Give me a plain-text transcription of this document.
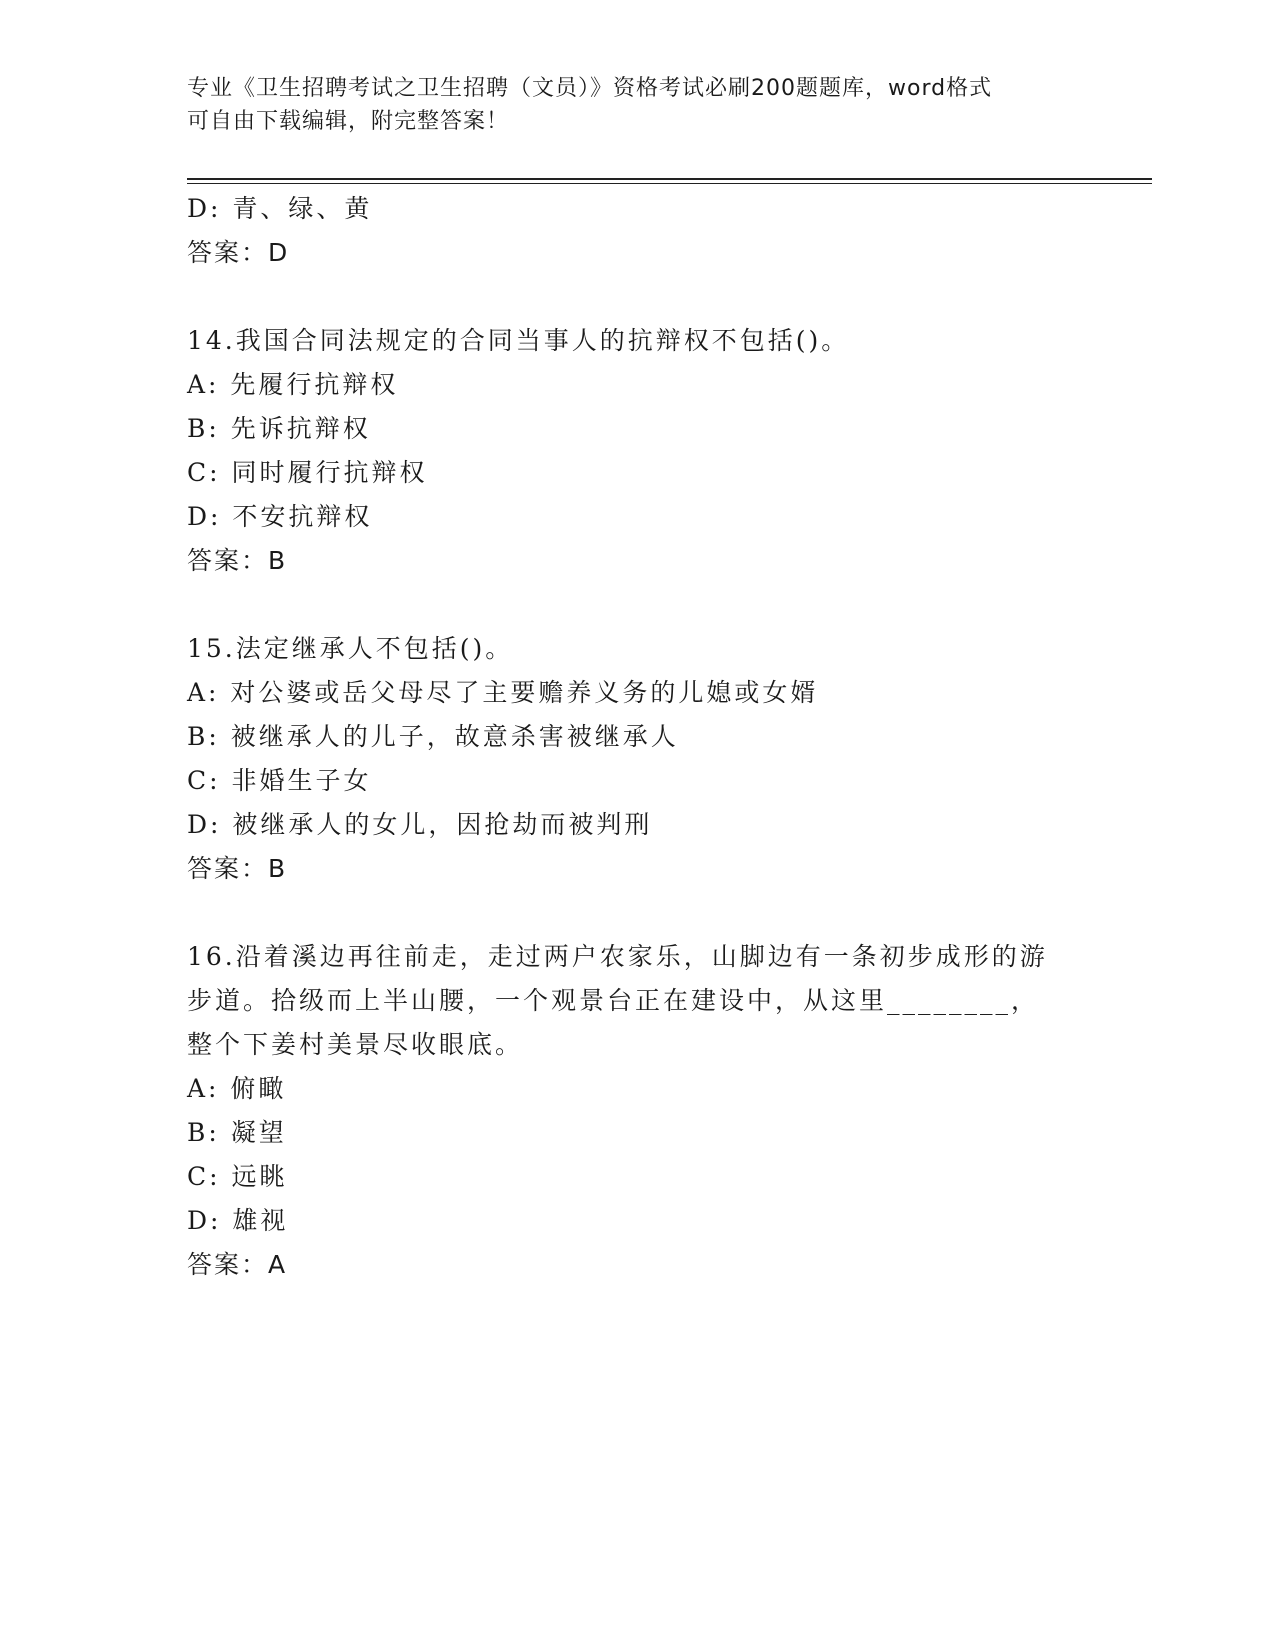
专业《卫生招聘考试之卫生招聘（文员）》资格考试必刷200题题库，word格式
可自由下载编辑，附完整答案！
D: 青、绿、黄
答案：D
14.我国合同法规定的合同当事人的抗辩权不包括()。
A: 先履行抗辩权
B: 先诉抗辩权
C: 同时履行抗辩权
D: 不安抗辩权
答案：B
15.法定继承人不包括()。
A: 对公婆或岳父母尽了主要赡养义务的儿媳或女婿
B: 被继承人的儿子，故意杀害被继承人
C: 非婚生子女
D: 被继承人的女儿，因抢劫而被判刑
答案：B
16.沿着溪边再往前走，走过两户农家乐，山脚边有一条初步成形的游
步道。拾级而上半山腰，一个观景台正在建设中，从这里________，
整个下姜村美景尽收眼底。
A: 俯瞰
B: 凝望
C: 远眺
D: 雄视
答案：A
